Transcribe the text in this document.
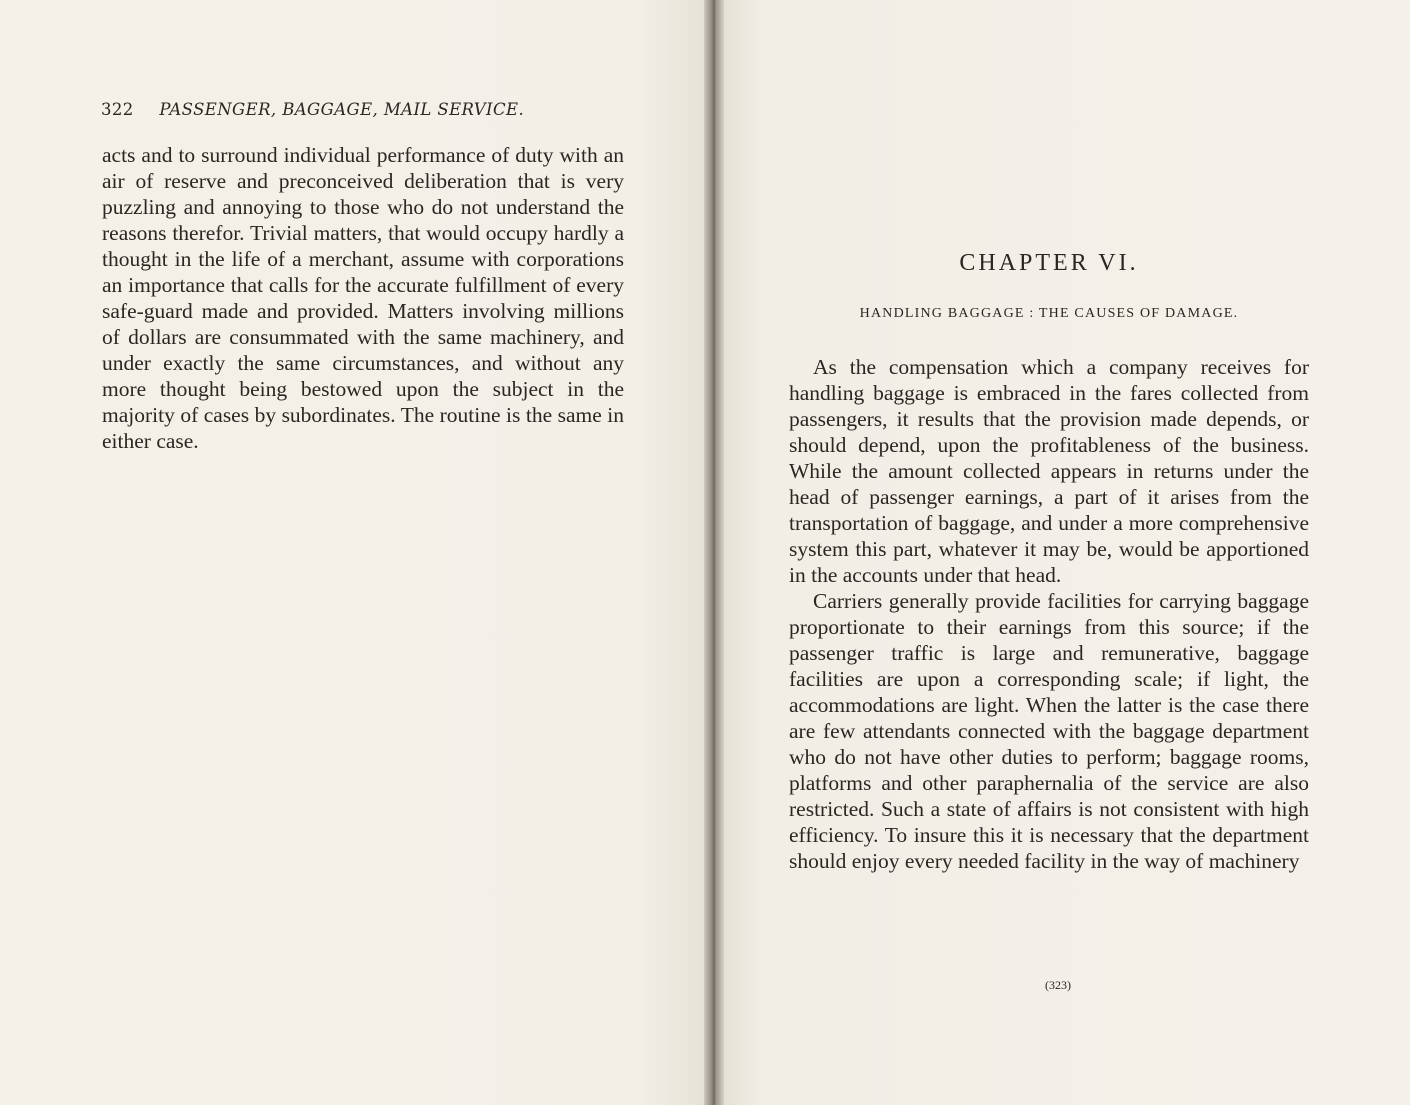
322 PASSENGER, BAGGAGE, MAIL SERVICE.

acts and to surround individual performance of duty with an air of reserve and preconceived deliberation that is very puzzling and annoying to those who do not understand the reasons therefor. Trivial matters, that would occupy hardly a thought in the life of a merchant, assume with corporations an importance that calls for the accurate fulfillment of every safe-guard made and provided. Matters involving millions of dollars are consummated with the same machinery, and under exactly the same circumstances, and without any more thought being bestowed upon the subject in the majority of cases by subordinates. The routine is the same in either case.

CHAPTER VI.
HANDLING BAGGAGE : THE CAUSES OF DAMAGE.

As the compensation which a company receives for handling baggage is embraced in the fares collected from passengers, it results that the provision made depends, or should depend, upon the profitableness of the business. While the amount collected appears in returns under the head of passenger earnings, a part of it arises from the transportation of baggage, and under a more comprehensive system this part, whatever it may be, would be apportioned in the accounts under that head.

Carriers generally provide facilities for carrying baggage proportionate to their earnings from this source; if the passenger traffic is large and remunerative, baggage facilities are upon a corresponding scale; if light, the accommodations are light. When the latter is the case there are few attendants connected with the baggage department who do not have other duties to perform; baggage rooms, platforms and other paraphernalia of the service are also restricted. Such a state of affairs is not consistent with high efficiency. To insure this it is necessary that the department should enjoy every needed facility in the way of machinery

(323)
